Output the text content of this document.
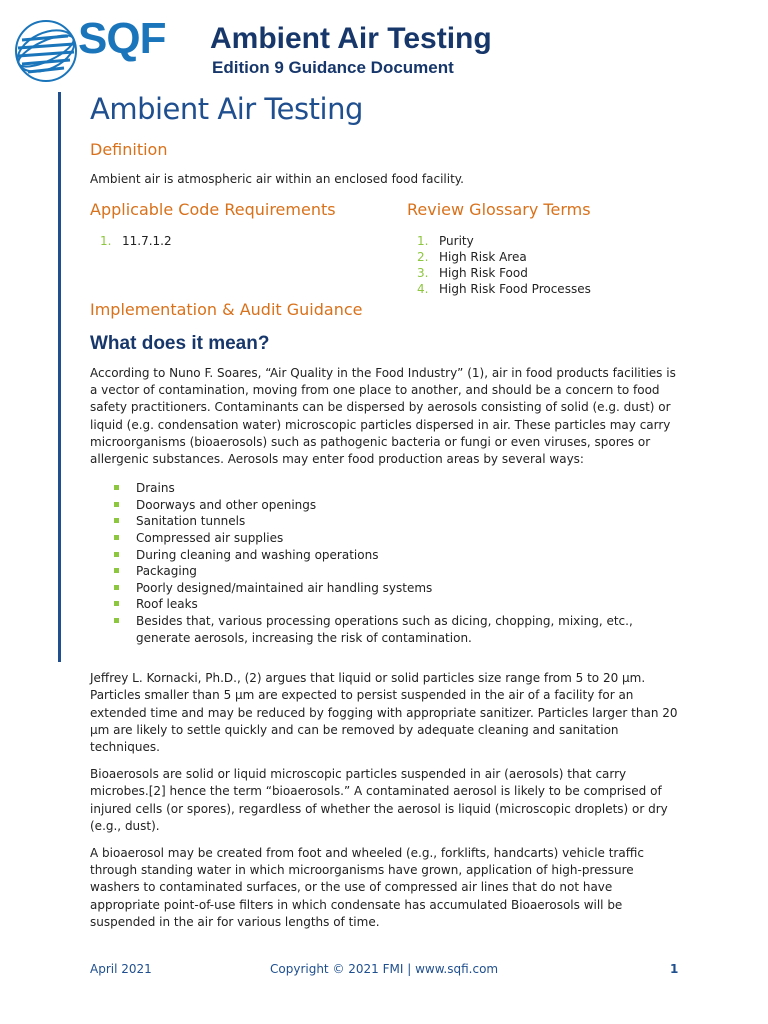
SQF Ambient Air Testing
Edition 9 Guidance Document
Ambient Air Testing
Definition

Ambient air is atmospheric air within an enclosed food facility.

Applicable Code Requirements
1. 11.7.1.2
Review Glossary Terms
1. Purity
2. High Risk Area
3. High Risk Food
4. High Risk Food Processes
Implementation & Audit Guidance
What does it mean?

According to Nuno F. Soares, “Air Quality in the Food Industry” (1), air in food products facilities is a vector of contamination, moving from one place to another, and should be a concern to food safety practitioners. Contaminants can be dispersed by aerosols consisting of solid (e.g. dust) or liquid (e.g. condensation water) microscopic particles dispersed in air. These particles may carry microorganisms (bioaerosols) such as pathogenic bacteria or fungi or even viruses, spores or allergenic substances. Aerosols may enter food production areas by several ways:

Drains
Doorways and other openings
Sanitation tunnels
Compressed air supplies
During cleaning and washing operations
Packaging
Poorly designed/maintained air handling systems
Roof leaks
Besides that, various processing operations such as dicing, chopping, mixing, etc., generate aerosols, increasing the risk of contamination.

Jeffrey L. Kornacki, Ph.D., (2) argues that liquid or solid particles size range from 5 to 20 µm. Particles smaller than 5 µm are expected to persist suspended in the air of a facility for an extended time and may be reduced by fogging with appropriate sanitizer. Particles larger than 20 µm are likely to settle quickly and can be removed by adequate cleaning and sanitation techniques.

Bioaerosols are solid or liquid microscopic particles suspended in air (aerosols) that carry microbes.[2] hence the term “bioaerosols.” A contaminated aerosol is likely to be comprised of injured cells (or spores), regardless of whether the aerosol is liquid (microscopic droplets) or dry (e.g., dust).

A bioaerosol may be created from foot and wheeled (e.g., forklifts, handcarts) vehicle traffic through standing water in which microorganisms have grown, application of high-pressure washers to contaminated surfaces, or the use of compressed air lines that do not have appropriate point-of-use filters in which condensate has accumulated Bioaerosols will be suspended in the air for various lengths of time.

April 2021	Copyright © 2021 FMI | www.sqfi.com	1
